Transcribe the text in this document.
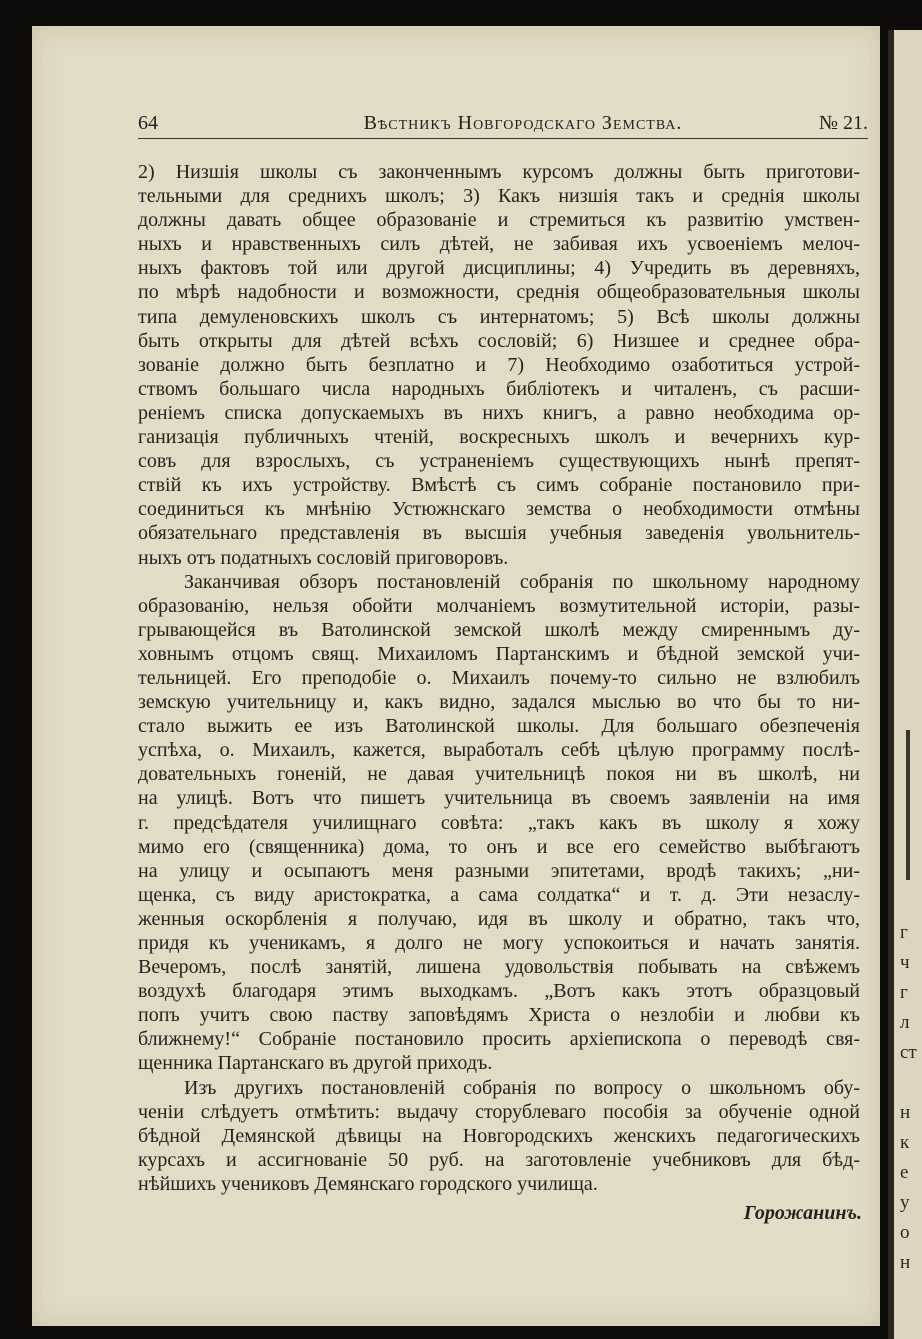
г
ч
г
л
ст
н
к
е
у
о
н
64	Вѣстникъ Новгородскаго Земства.	№ 21.
2) Низшія школы съ законченнымъ курсомъ должны быть приготови-
тельными для среднихъ школъ; 3) Какъ низшія такъ и среднія школы
должны давать общее образованіе и стремиться къ развитію умствен-
ныхъ и нравственныхъ силъ дѣтей, не забивая ихъ усвоеніемъ мелоч-
ныхъ фактовъ той или другой дисциплины; 4) Учредить въ деревняхъ,
по мѣрѣ надобности и возможности, среднія общеобразовательныя школы
типа демуленовскихъ школъ съ интернатомъ; 5) Всѣ школы должны
быть открыты для дѣтей всѣхъ сословій; 6) Низшее и среднее обра-
зованіе должно быть безплатно и 7) Необходимо озаботиться устрой-
ствомъ большаго числа народныхъ библіотекъ и читаленъ, съ расши-
реніемъ списка допускаемыхъ въ нихъ книгъ, а равно необходима ор-
ганизація публичныхъ чтеній, воскресныхъ школъ и вечернихъ кур-
совъ для взрослыхъ, съ устраненіемъ существующихъ нынѣ препят-
ствій къ ихъ устройству. Вмѣстѣ съ симъ собраніе постановило при-
соединиться къ мнѣнію Устюжнскаго земства о необходимости отмѣны
обязательнаго представленія въ высшія учебныя заведенія увольнитель-
ныхъ отъ податныхъ сословій приговоровъ.
Заканчивая обзоръ постановленій собранія по школьному народному
образованію, нельзя обойти молчаніемъ возмутительной исторіи, разы-
грывающейся въ Ватолинской земской школѣ между смиреннымъ ду-
ховнымъ отцомъ свящ. Михаиломъ Партанскимъ и бѣдной земской учи-
тельницей. Его преподобіе о. Михаилъ почему-то сильно не взлюбилъ
земскую учительницу и, какъ видно, задался мыслью во что бы то ни-
стало выжить ее изъ Ватолинской школы. Для большаго обезпеченія
успѣха, о. Михаилъ, кажется, выработалъ себѣ цѣлую программу послѣ-
довательныхъ гоненій, не давая учительницѣ покоя ни въ школѣ, ни
на улицѣ. Вотъ что пишетъ учительница въ своемъ заявленіи на имя
г. предсѣдателя училищнаго совѣта: „такъ какъ въ школу я хожу
мимо его (священника) дома, то онъ и все его семейство выбѣгаютъ
на улицу и осыпаютъ меня разными эпитетами, вродѣ такихъ; „ни-
щенка, съ виду аристократка, а сама солдатка“ и т. д. Эти незаслу-
женныя оскорбленія я получаю, идя въ школу и обратно, такъ что,
придя къ ученикамъ, я долго не могу успокоиться и начать занятія.
Вечеромъ, послѣ занятій, лишена удовольствія побывать на свѣжемъ
воздухѣ благодаря этимъ выходкамъ. „Вотъ какъ этотъ образцовый
попъ учитъ свою паству заповѣдямъ Христа о незлобіи и любви къ
ближнему!“ Собраніе постановило просить архіепископа о переводѣ свя-
щенника Партанскаго въ другой приходъ.
Изъ другихъ постановленій собранія по вопросу о школьномъ обу-
ченіи слѣдуетъ отмѣтить: выдачу сторублеваго пособія за обученіе одной
бѣдной Демянской дѣвицы на Новгородскихъ женскихъ педагогическихъ
курсахъ и ассигнованіе 50 руб. на заготовленіе учебниковъ для бѣд-
нѣйшихъ учениковъ Демянскаго городского училища.
Горожанинъ.
